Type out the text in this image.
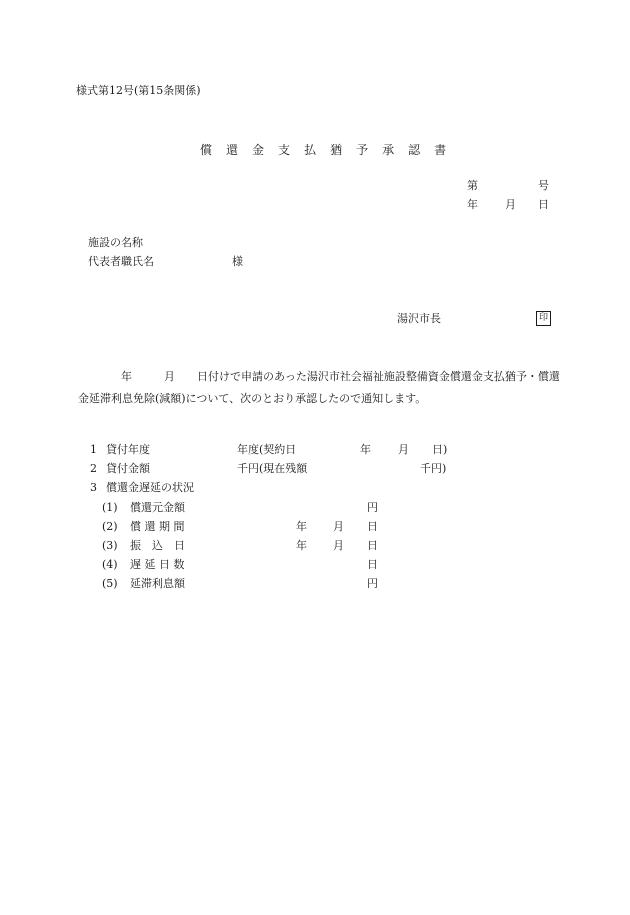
様式第12号(第15条関係)
償 還 金 支 払 猶 予 承 認 書
第	号
年 月 日
施設の名称
代表者職氏名	様
湯沢市長	印
年	月 日付けで申請のあった湯沢市社会福祉施設整備資金償還金支払猶予・償還金延滞利息免除(減額)について、次のとおり承認したので通知します。
1 貸付年度	年度(契約日	年 月 日)
2 貸付金額	千円(現在残額	千円)
3 償還金遅延の状況
(1) 償還元金額	円
(2) 償 還 期 間	年 月 日
(3) 振　込　日	年 月 日
(4) 遅 延 日 数	日
(5) 延滞利息額	円
